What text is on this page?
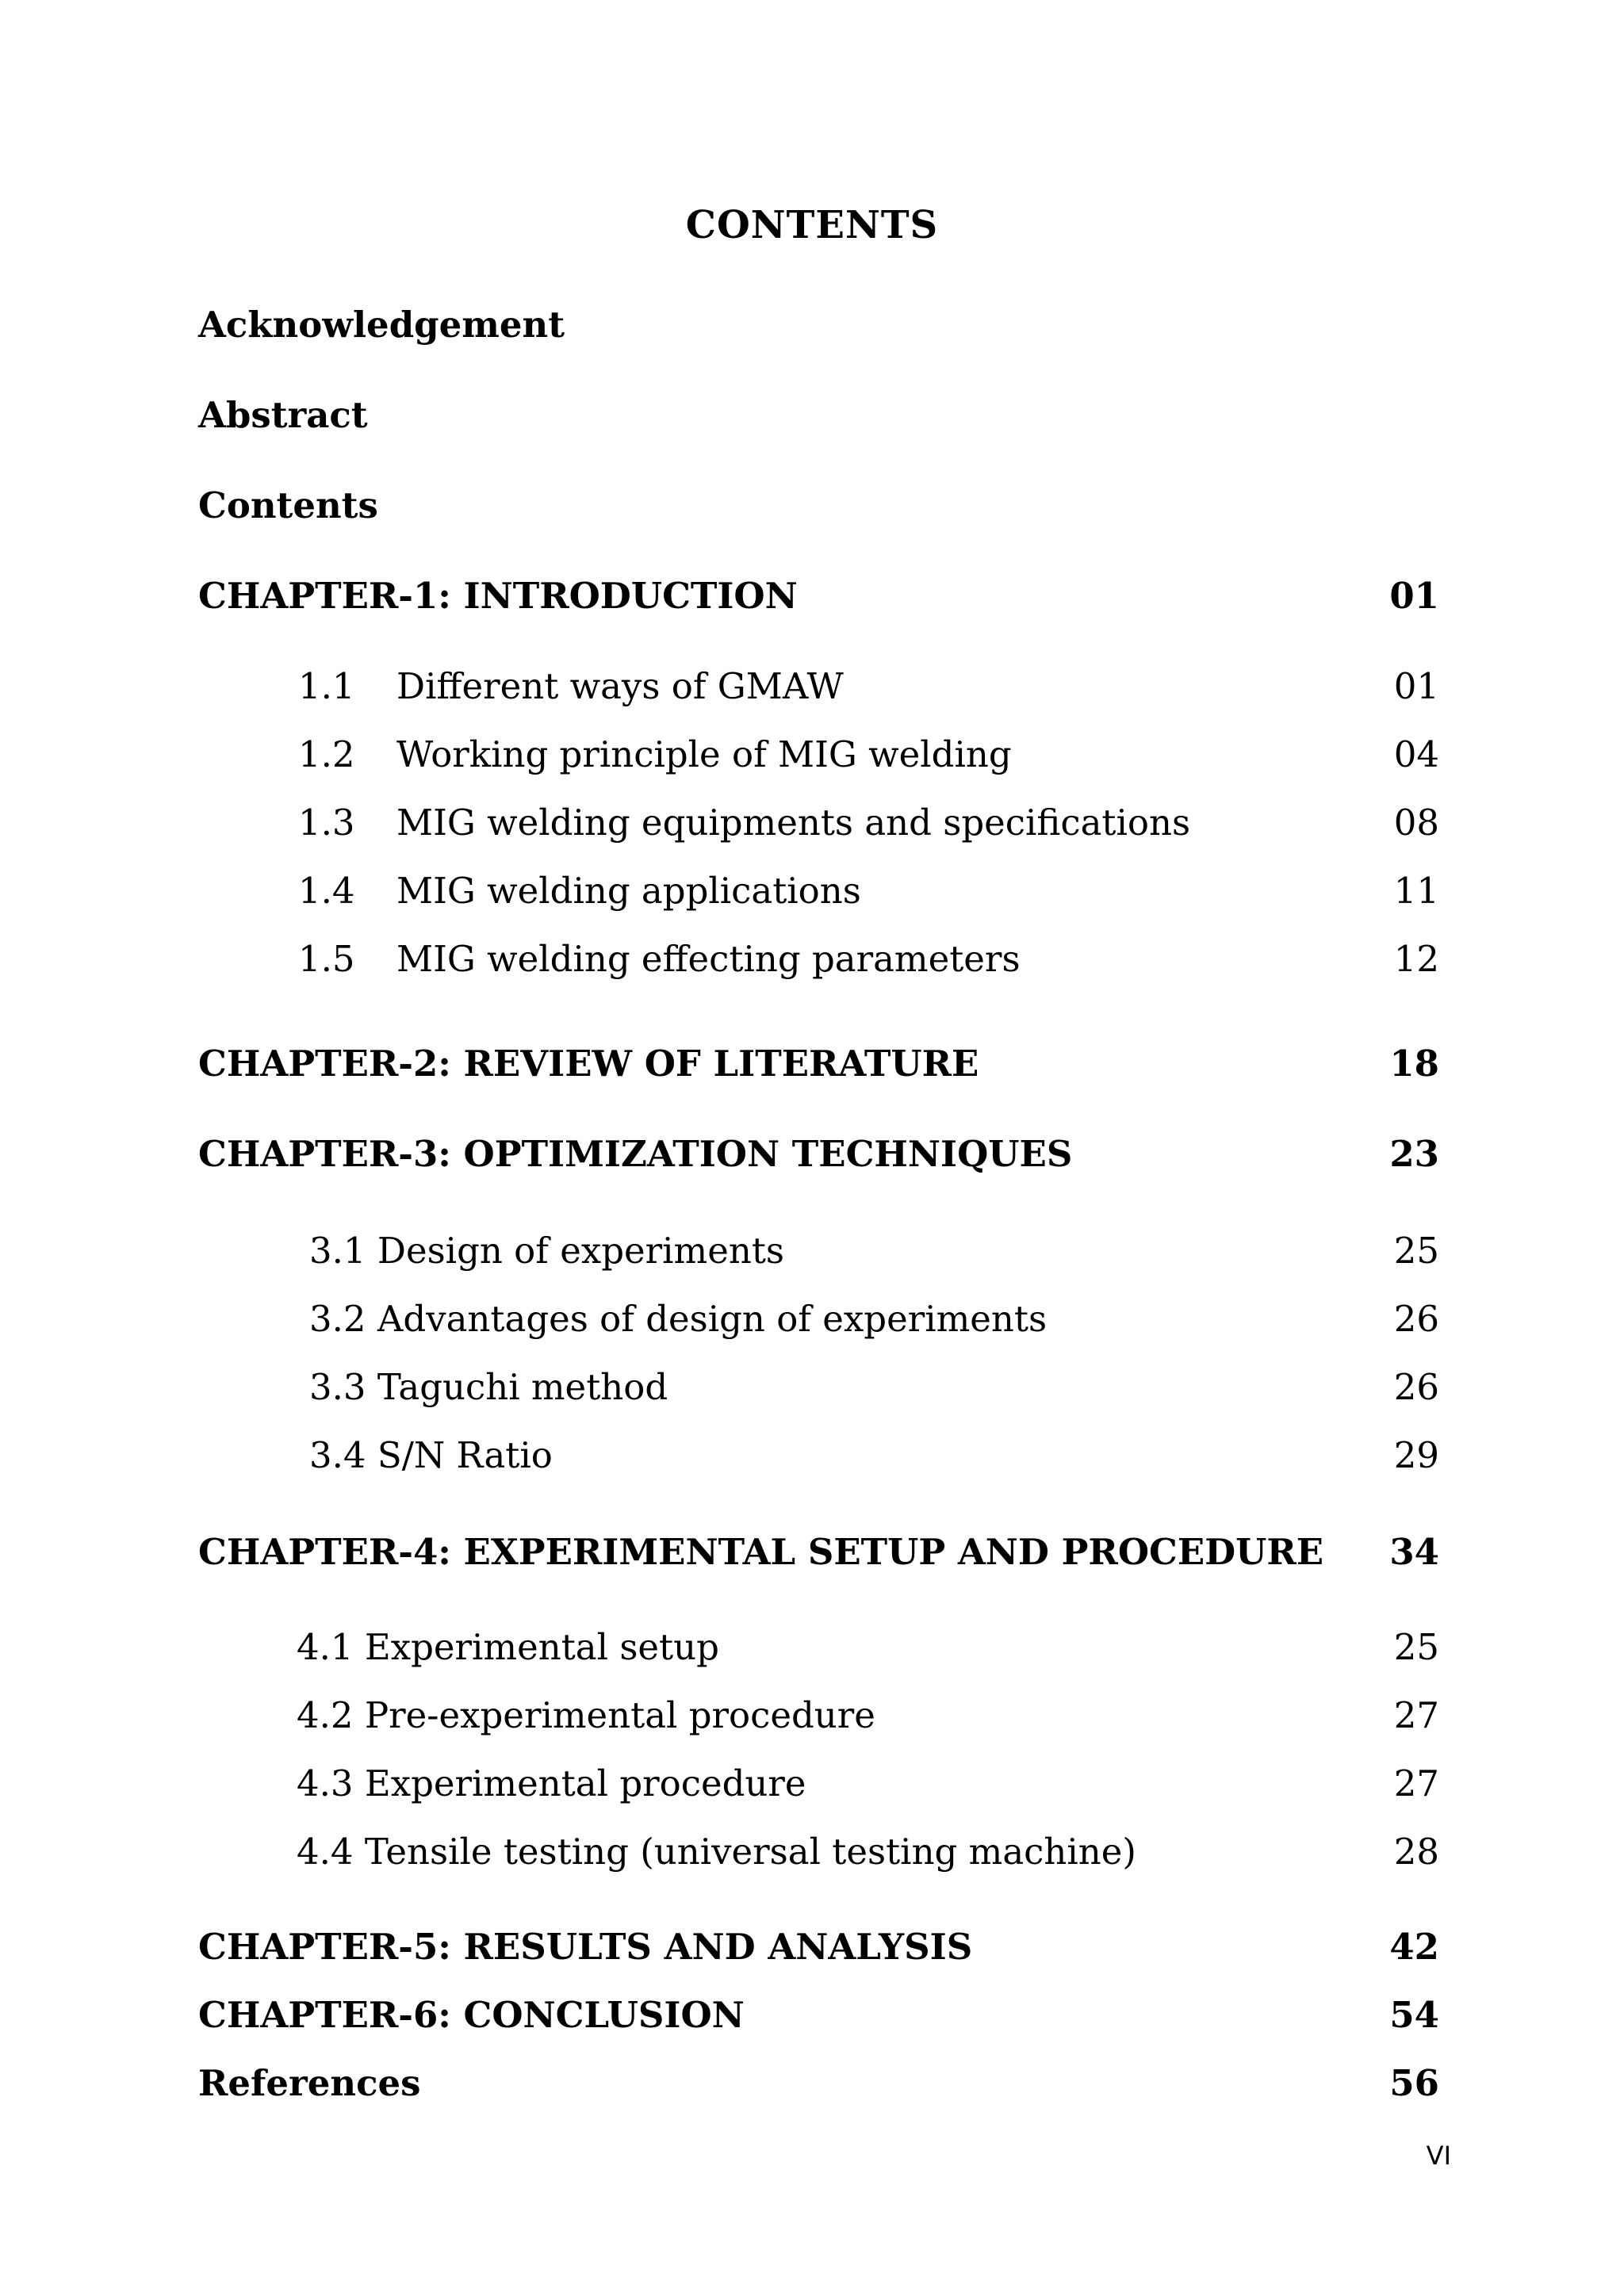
CONTENTS
Acknowledgement
Abstract
Contents
CHAPTER-1: INTRODUCTION	01
1.1	Different ways of GMAW	01
1.2	Working principle of MIG welding	04
1.3	MIG welding equipments and specifications	08
1.4	MIG welding applications	11
1.5	MIG welding effecting parameters	12
CHAPTER-2: REVIEW OF LITERATURE	18
CHAPTER-3: OPTIMIZATION TECHNIQUES	23
3.1 Design of experiments	25
3.2 Advantages of design of experiments	26
3.3 Taguchi method	26
3.4 S/N Ratio	29
CHAPTER-4: EXPERIMENTAL SETUP AND PROCEDURE 34
4.1 Experimental setup	25
4.2 Pre-experimental procedure	27
4.3 Experimental procedure	27
4.4 Tensile testing (universal testing machine)	28
CHAPTER-5: RESULTS AND ANALYSIS	42
CHAPTER-6: CONCLUSION	54
References	56
VI
